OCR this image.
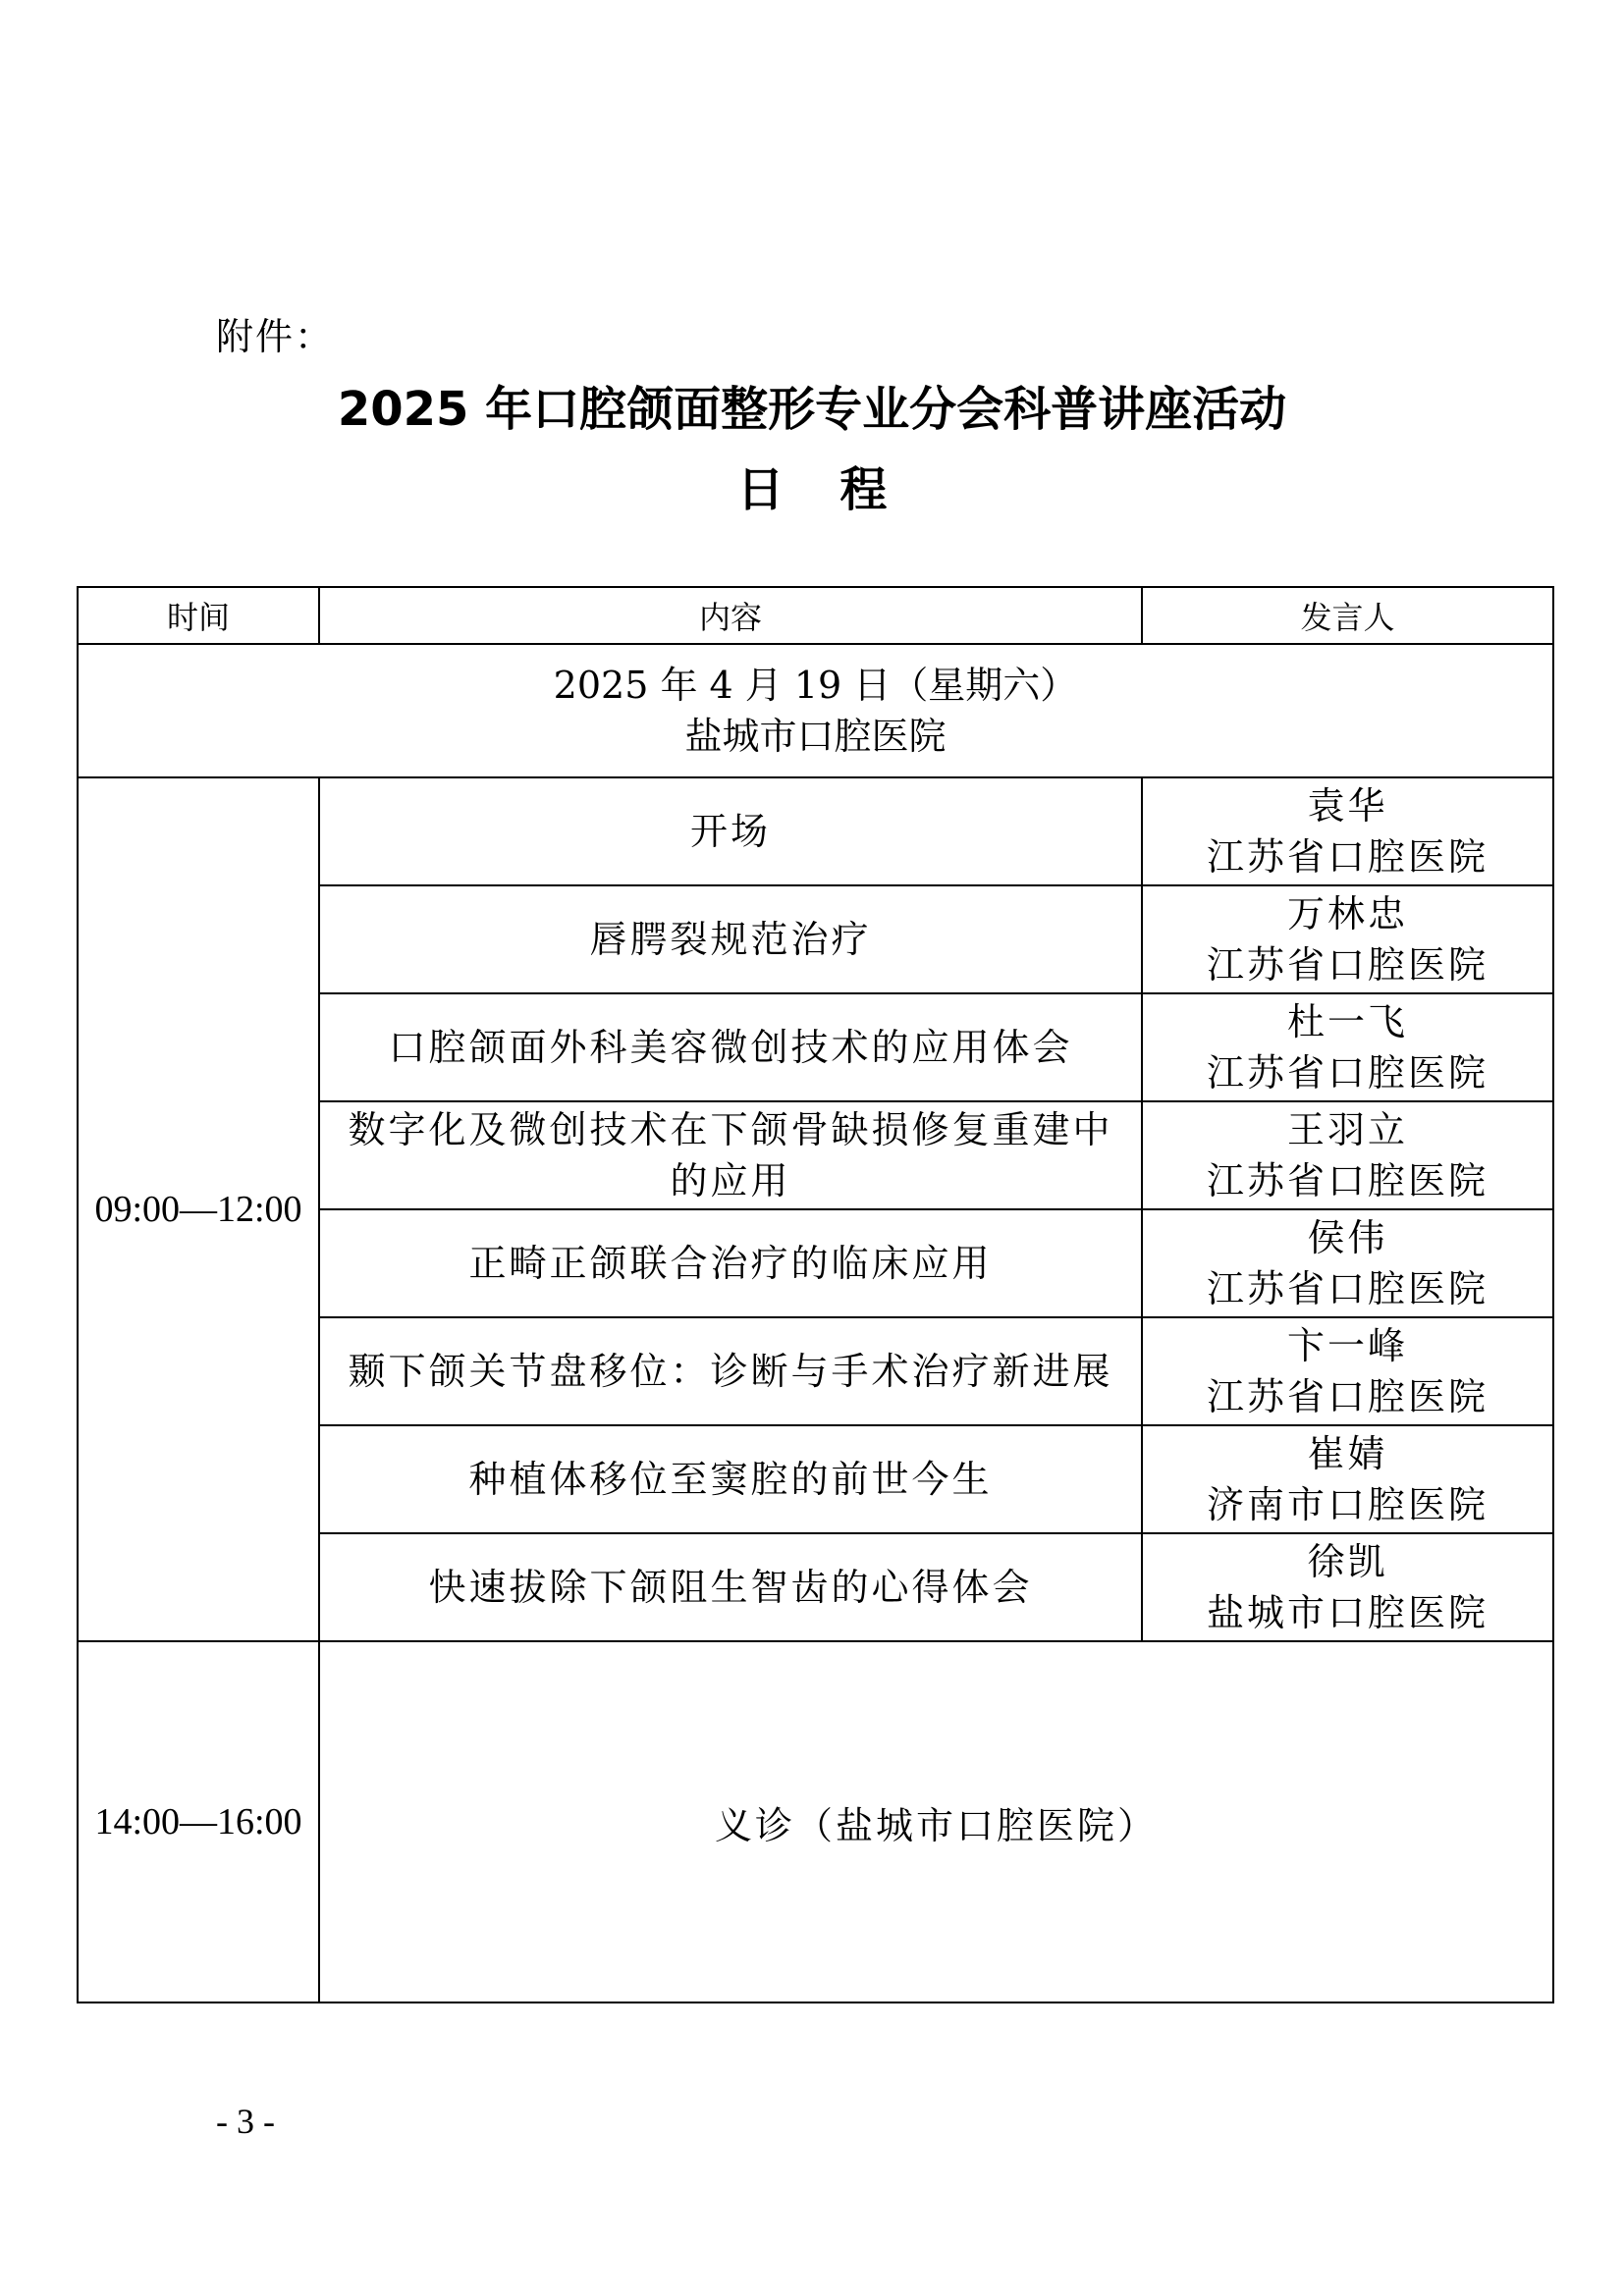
附件：
2025 年口腔颌面整形专业分会科普讲座活动
日 程
时间	内容	发言人

2025 年 4 月 19 日（星期六）
盐城市口腔医院		

09:00—12:00	开场	袁华
江苏省口腔医院

	唇腭裂规范治疗	万林忠
江苏省口腔医院

	口腔颌面外科美容微创技术的应用体会	杜一飞
江苏省口腔医院

	数字化及微创技术在下颌骨缺损修复重建中
的应用	王羽立
江苏省口腔医院

	正畸正颌联合治疗的临床应用	侯伟
江苏省口腔医院

	颞下颌关节盘移位：诊断与手术治疗新进展	卞一峰
江苏省口腔医院

	种植体移位至窦腔的前世今生	崔婧
济南市口腔医院

	快速拔除下颌阻生智齿的心得体会	徐凯
盐城市口腔医院

14:00—16:00	义诊（盐城市口腔医院）	
- 3 -
